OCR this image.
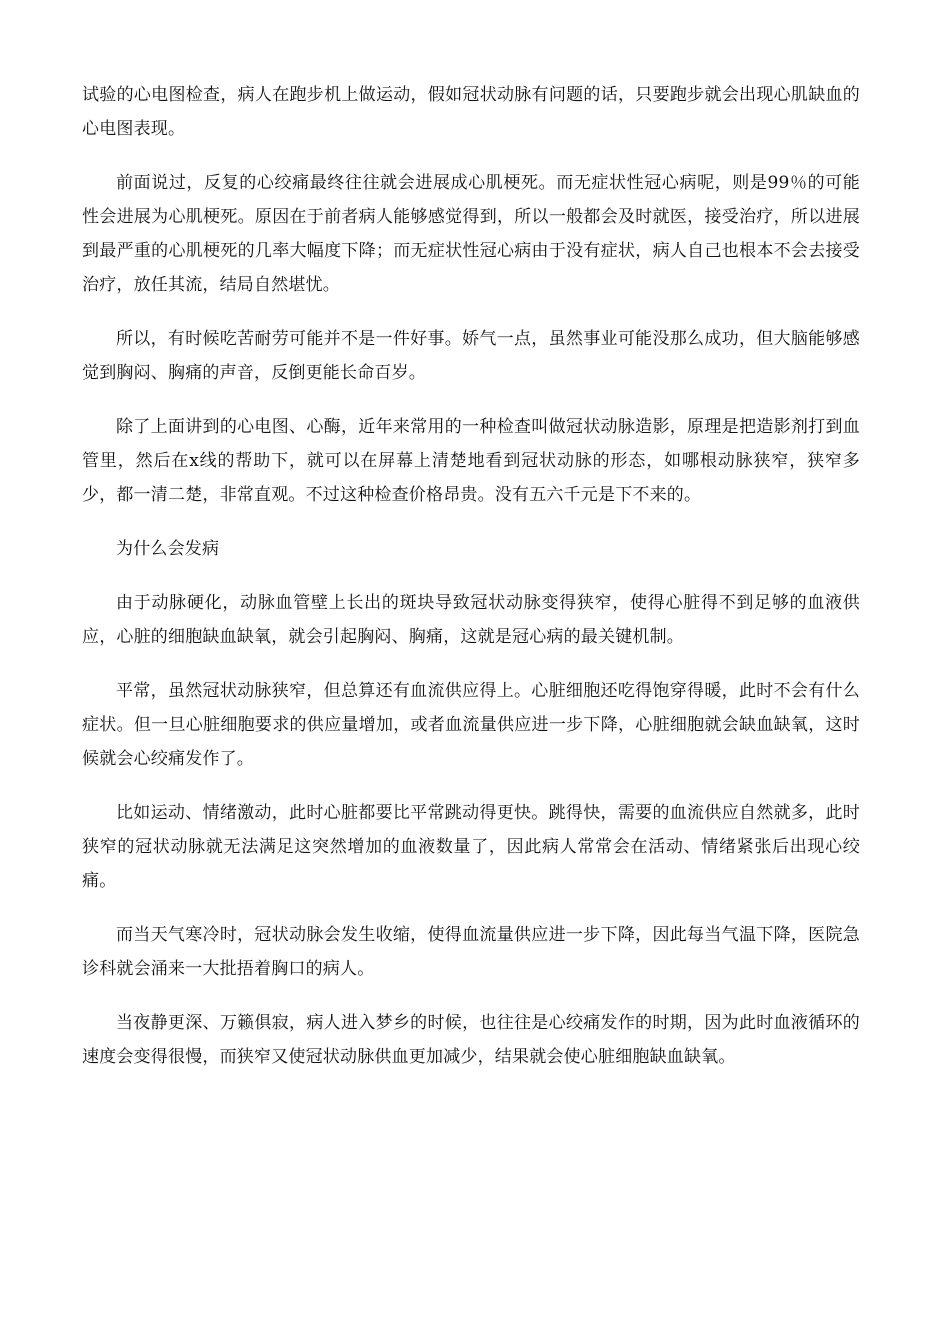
试验的心电图检查，病人在跑步机上做运动，假如冠状动脉有问题的话，只要跑步就会出现心肌缺血的心电图表现。

前面说过，反复的心绞痛最终往往就会进展成心肌梗死。而无症状性冠心病呢，则是99％的可能性会进展为心肌梗死。原因在于前者病人能够感觉得到，所以一般都会及时就医，接受治疗，所以进展到最严重的心肌梗死的几率大幅度下降；而无症状性冠心病由于没有症状，病人自己也根本不会去接受治疗，放任其流，结局自然堪忧。

所以，有时候吃苦耐劳可能并不是一件好事。娇气一点，虽然事业可能没那么成功，但大脑能够感觉到胸闷、胸痛的声音，反倒更能长命百岁。

除了上面讲到的心电图、心酶，近年来常用的一种检查叫做冠状动脉造影，原理是把造影剂打到血管里，然后在x线的帮助下，就可以在屏幕上清楚地看到冠状动脉的形态，如哪根动脉狭窄，狭窄多少，都一清二楚，非常直观。不过这种检查价格昂贵。没有五六千元是下不来的。

为什么会发病

由于动脉硬化，动脉血管壁上长出的斑块导致冠状动脉变得狭窄，使得心脏得不到足够的血液供应，心脏的细胞缺血缺氧，就会引起胸闷、胸痛，这就是冠心病的最关键机制。

平常，虽然冠状动脉狭窄，但总算还有血流供应得上。心脏细胞还吃得饱穿得暖，此时不会有什么症状。但一旦心脏细胞要求的供应量增加，或者血流量供应进一步下降，心脏细胞就会缺血缺氧，这时候就会心绞痛发作了。

比如运动、情绪激动，此时心脏都要比平常跳动得更快。跳得快，需要的血流供应自然就多，此时狭窄的冠状动脉就无法满足这突然增加的血液数量了，因此病人常常会在活动、情绪紧张后出现心绞痛。

而当天气寒冷时，冠状动脉会发生收缩，使得血流量供应进一步下降，因此每当气温下降，医院急诊科就会涌来一大批捂着胸口的病人。

当夜静更深、万籁俱寂，病人进入梦乡的时候，也往往是心绞痛发作的时期，因为此时血液循环的速度会变得很慢，而狭窄又使冠状动脉供血更加减少，结果就会使心脏细胞缺血缺氧。
